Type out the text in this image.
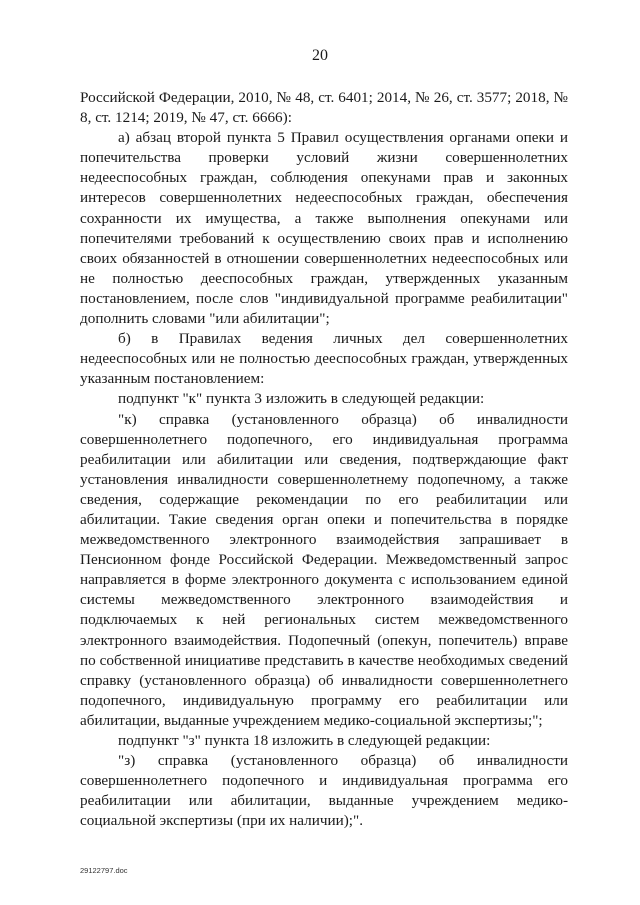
20

Российской Федерации, 2010, № 48, ст. 6401; 2014, № 26, ст. 3577; 2018, № 8, ст. 1214; 2019, № 47, ст. 6666):

а) абзац второй пункта 5 Правил осуществления органами опеки и попечительства проверки условий жизни совершеннолетних недееспособных граждан, соблюдения опекунами прав и законных интересов совершеннолетних недееспособных граждан, обеспечения сохранности их имущества, а также выполнения опекунами или попечителями требований к осуществлению своих прав и исполнению своих обязанностей в отношении совершеннолетних недееспособных или не полностью дееспособных граждан, утвержденных указанным постановлением, после слов "индивидуальной программе реабилитации" дополнить словами "или абилитации";

б) в Правилах ведения личных дел совершеннолетних недееспособных или не полностью дееспособных граждан, утвержденных указанным постановлением:

подпункт "к" пункта 3 изложить в следующей редакции:

"к) справка (установленного образца) об инвалидности совершеннолетнего подопечного, его индивидуальная программа реабилитации или абилитации или сведения, подтверждающие факт установления инвалидности совершеннолетнему подопечному, а также сведения, содержащие рекомендации по его реабилитации или абилитации. Такие сведения орган опеки и попечительства в порядке межведомственного электронного взаимодействия запрашивает в Пенсионном фонде Российской Федерации. Межведомственный запрос направляется в форме электронного документа с использованием единой системы межведомственного электронного взаимодействия и подключаемых к ней региональных систем межведомственного электронного взаимодействия. Подопечный (опекун, попечитель) вправе по собственной инициативе представить в качестве необходимых сведений справку (установленного образца) об инвалидности совершеннолетнего подопечного, индивидуальную программу его реабилитации или абилитации, выданные учреждением медико-социальной экспертизы;";

подпункт "з" пункта 18 изложить в следующей редакции:

"з) справка (установленного образца) об инвалидности совершеннолетнего подопечного и индивидуальная программа его реабилитации или абилитации, выданные учреждением медико-социальной экспертизы (при их наличии);".

29122797.doc
